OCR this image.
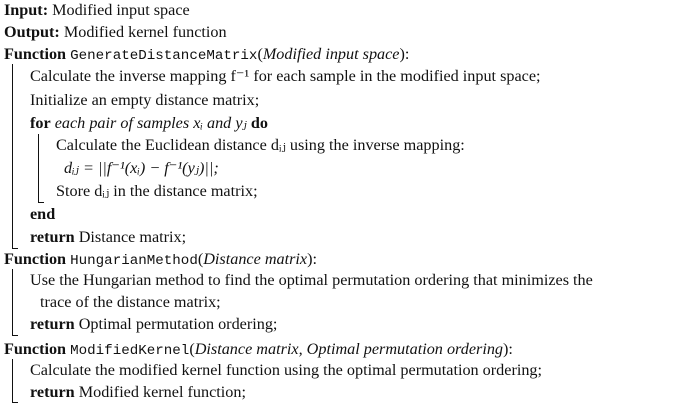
Input: Modified input space
Output: Modified kernel function
Function GenerateDistanceMatrix(Modified input space):
Calculate the inverse mapping f⁻¹ for each sample in the modified input space;
Initialize an empty distance matrix;
for each pair of samples xᵢ and yⱼ do
Calculate the Euclidean distance dᵢⱼ using the inverse mapping:
dᵢⱼ = ||f⁻¹(xᵢ) − f⁻¹(yⱼ)||;
Store dᵢⱼ in the distance matrix;
end
return Distance matrix;
Function HungarianMethod(Distance matrix):
Use the Hungarian method to find the optimal permutation ordering that minimizes the
trace of the distance matrix;
return Optimal permutation ordering;
Function ModifiedKernel(Distance matrix, Optimal permutation ordering):
Calculate the modified kernel function using the optimal permutation ordering;
return Modified kernel function;
